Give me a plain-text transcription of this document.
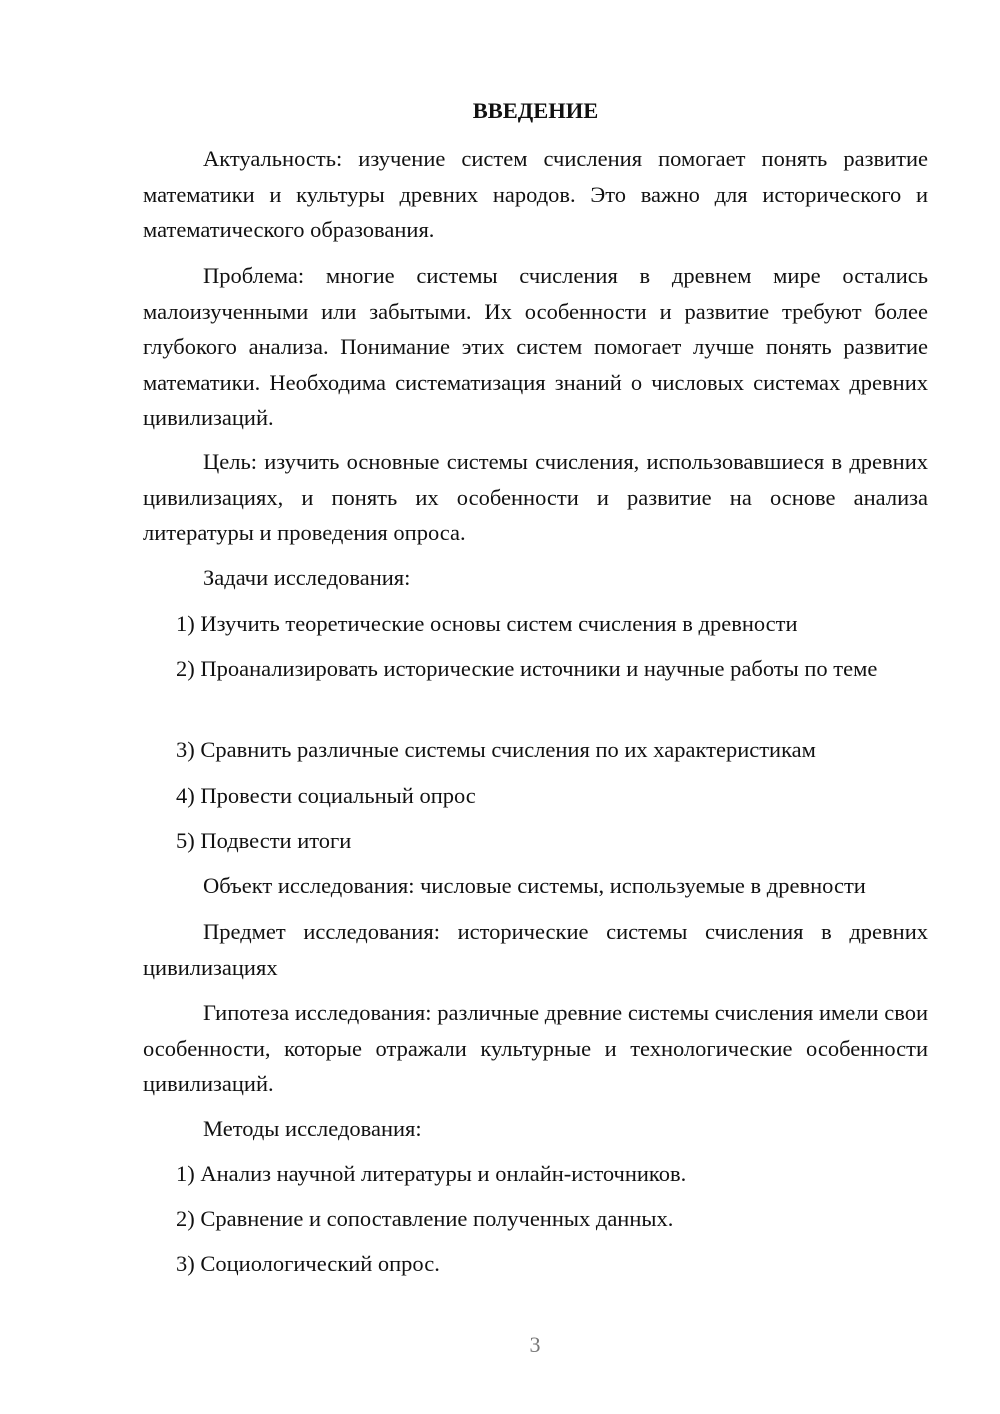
ВВЕДЕНИЕ

Актуальность: изучение систем счисления помогает понять развитие математики и культуры древних народов. Это важно для исторического и математического образования.

Проблема: многие системы счисления в древнем мире остались малоизученными или забытыми. Их особенности и развитие требуют более глубокого анализа. Понимание этих систем помогает лучше понять развитие математики. Необходима систематизация знаний о числовых системах древних цивилизаций.

Цель: изучить основные системы счисления, использовавшиеся в древних цивилизациях, и понять их особенности и развитие на основе анализа литературы и проведения опроса.

Задачи исследования:

1) Изучить теоретические основы систем счисления в древности

2) Проанализировать исторические источники и научные работы по теме

3) Сравнить различные системы счисления по их характеристикам

4) Провести социальный опрос

5) Подвести итоги

Объект исследования: числовые системы, используемые в древности

Предмет исследования: исторические системы счисления в древних цивилизациях

Гипотеза исследования: различные древние системы счисления имели свои особенности, которые отражали культурные и технологические особенности цивилизаций.

Методы исследования:

1) Анализ научной литературы и онлайн-источников.

2) Сравнение и сопоставление полученных данных.

3) Социологический опрос.

3
